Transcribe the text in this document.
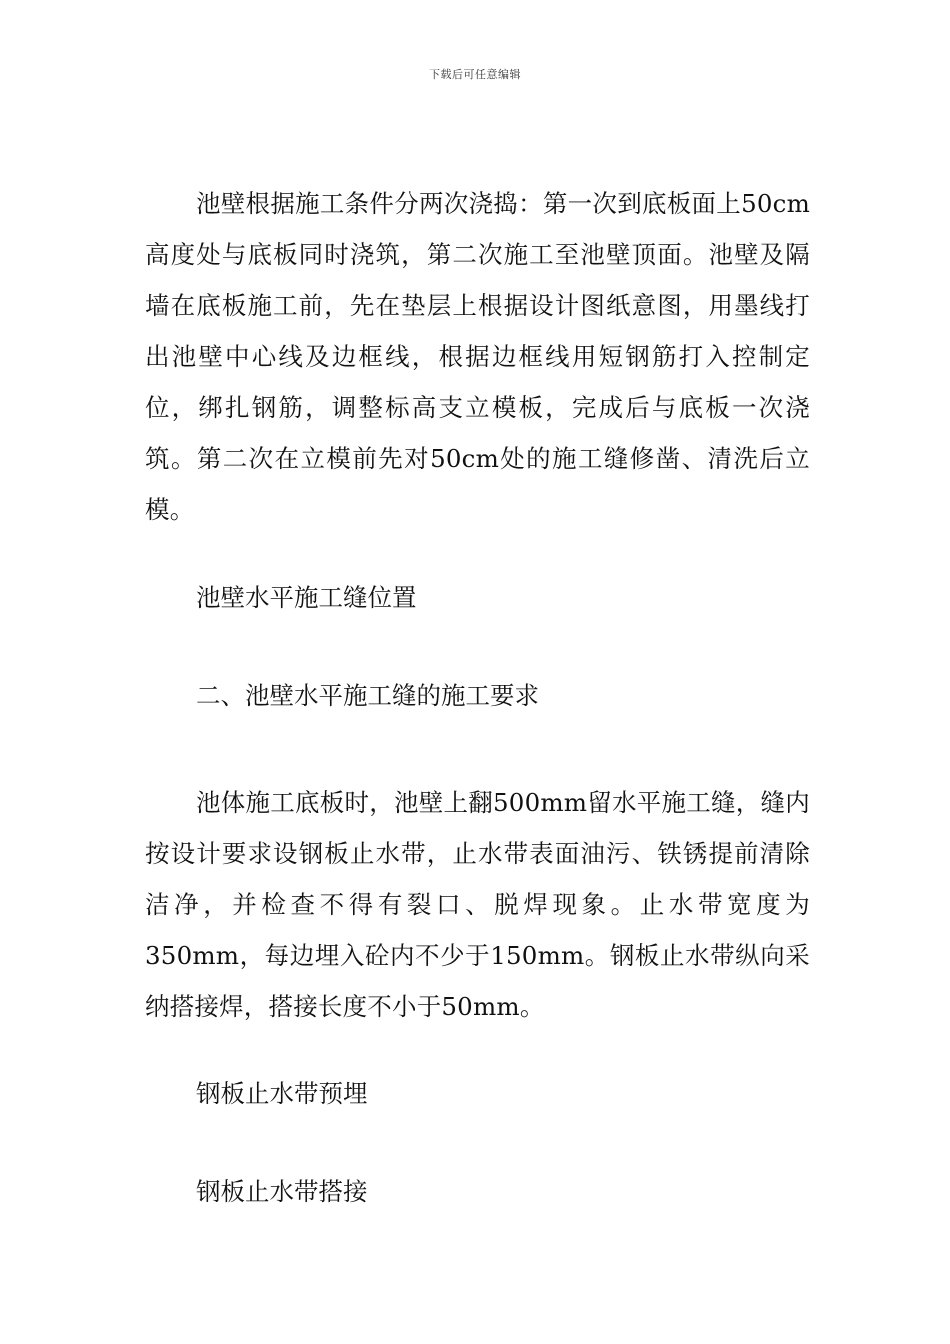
下载后可任意编辑

池壁根据施工条件分两次浇捣：第一次到底板面上50cm高度处与底板同时浇筑，第二次施工至池壁顶面。池壁及隔墙在底板施工前，先在垫层上根据设计图纸意图，用墨线打出池壁中心线及边框线，根据边框线用短钢筋打入控制定位，绑扎钢筋，调整标高支立模板，完成后与底板一次浇筑。第二次在立模前先对50cm处的施工缝修凿、清洗后立模。

池壁水平施工缝位置

二、池壁水平施工缝的施工要求

池体施工底板时，池壁上翻500mm留水平施工缝，缝内按设计要求设钢板止水带，止水带表面油污、铁锈提前清除洁净，并检查不得有裂口、脱焊现象。止水带宽度为350mm，每边埋入砼内不少于150mm。钢板止水带纵向采纳搭接焊，搭接长度不小于50mm。

钢板止水带预埋

钢板止水带搭接
